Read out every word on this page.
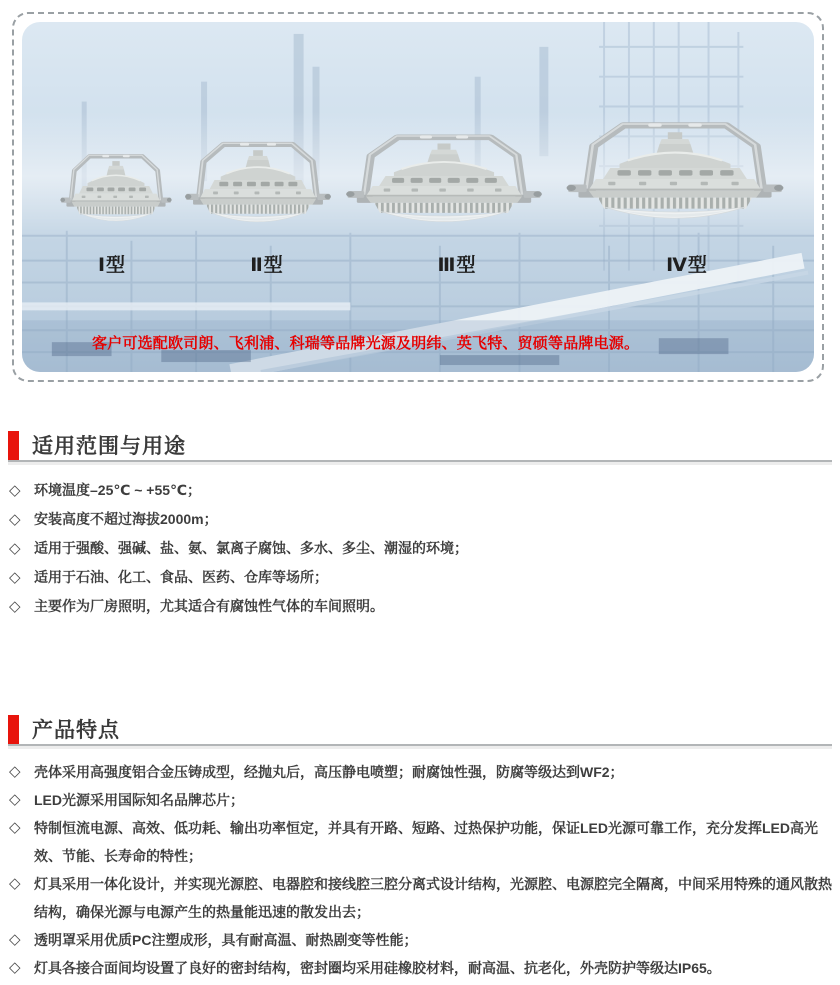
Ⅰ型	Ⅱ型	Ⅲ型	Ⅳ型
客户可选配欧司朗、飞利浦、科瑞等品牌光源及明纬、英飞特、贸硕等品牌电源。
适用范围与用途
◇ 环境温度–25℃ ~ +55℃；
◇ 安装高度不超过海拔2000m；
◇ 适用于强酸、强碱、盐、氨、氯离子腐蚀、多水、多尘、潮湿的环境；
◇ 适用于石油、化工、食品、医药、仓库等场所；
◇ 主要作为厂房照明，尤其适合有腐蚀性气体的车间照明。
产品特点
◇ 壳体采用高强度铝合金压铸成型，经抛丸后，高压静电喷塑；耐腐蚀性强，防腐等级达到WF2；
◇ LED光源采用国际知名品牌芯片；
◇ 特制恒流电源、高效、低功耗、输出功率恒定，并具有开路、短路、过热保护功能，保证LED光源可靠工作，充分发挥LED高光效、节能、长寿命的特性；
◇ 灯具采用一体化设计，并实现光源腔、电器腔和接线腔三腔分离式设计结构，光源腔、电源腔完全隔离，中间采用特殊的通风散热结构，确保光源与电源产生的热量能迅速的散发出去；
◇ 透明罩采用优质PC注塑成形，具有耐高温、耐热剧变等性能；
◇ 灯具各接合面间均设置了良好的密封结构，密封圈均采用硅橡胶材料，耐高温、抗老化，外壳防护等级达IP65。
